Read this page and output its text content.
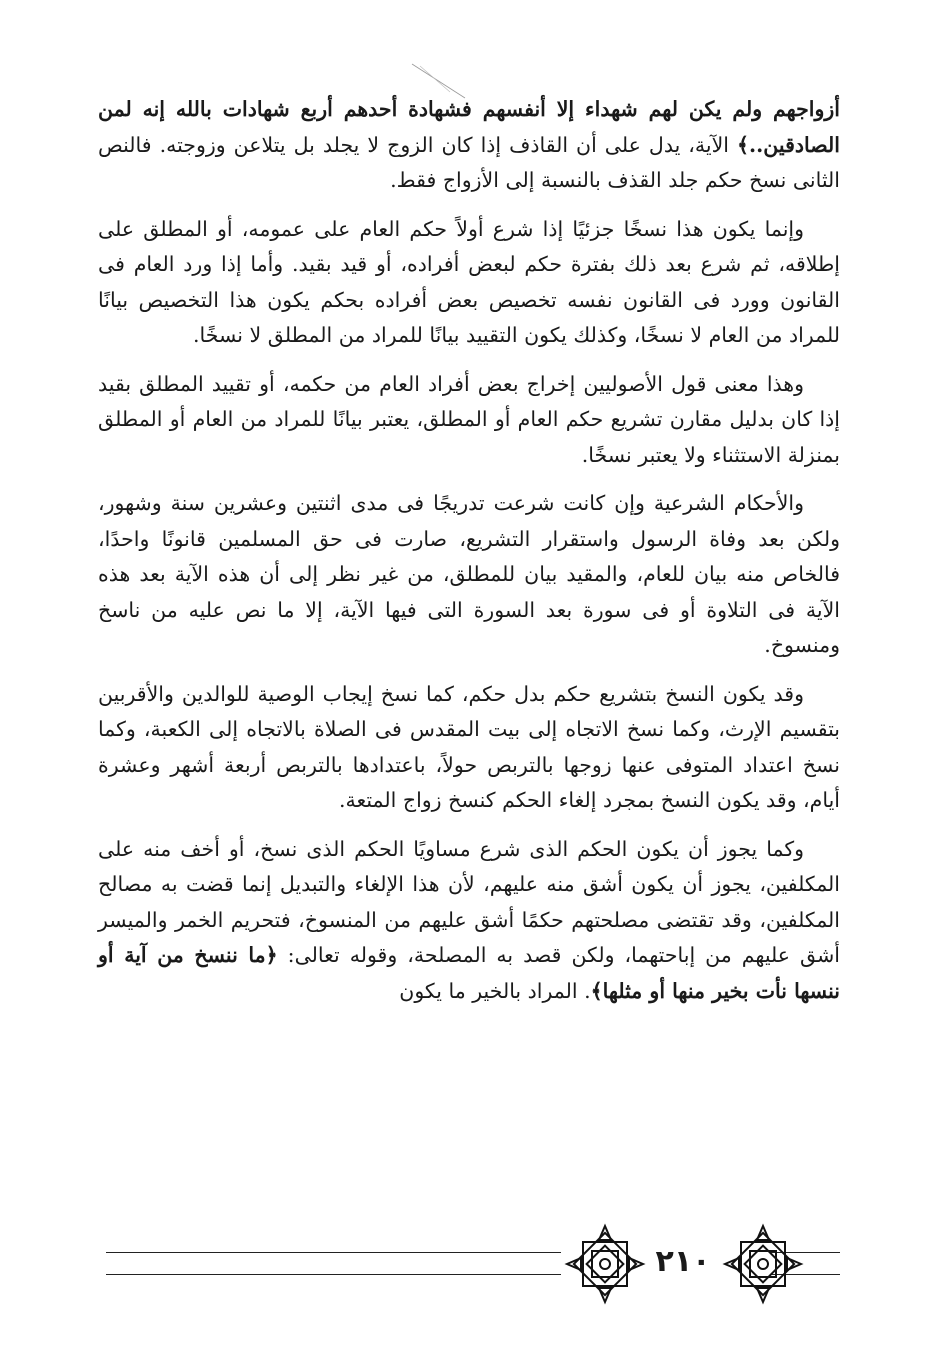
أزواجهم ولم يكن لهم شهداء إلا أنفسهم فشهادة أحدهم أربع شهادات بالله إنه لمن الصادقين..﴾ الآية، يدل على أن القاذف إذا كان الزوج لا يجلد بل يتلاعن وزوجته. فالنص الثانى نسخ حكم جلد القذف بالنسبة إلى الأزواج فقط.

وإنما يكون هذا نسخًا جزئيًا إذا شرع أولاً حكم العام على عمومه، أو المطلق على إطلاقه، ثم شرع بعد ذلك بفترة حكم لبعض أفراده، أو قيد بقيد. وأما إذا ورد العام فى القانون وورد فى القانون نفسه تخصيص بعض أفراده بحكم يكون هذا التخصيص بيانًا للمراد من العام لا نسخًا، وكذلك يكون التقييد بيانًا للمراد من المطلق لا نسخًا.

وهذا معنى قول الأصوليين إخراج بعض أفراد العام من حكمه، أو تقييد المطلق بقيد إذا كان بدليل مقارن تشريع حكم العام أو المطلق، يعتبر بيانًا للمراد من العام أو المطلق بمنزلة الاستثناء ولا يعتبر نسخًا.

والأحكام الشرعية وإن كانت شرعت تدريجًا فى مدى اثنتين وعشرين سنة وشهور، ولكن بعد وفاة الرسول واستقرار التشريع، صارت فى حق المسلمين قانونًا واحدًا، فالخاص منه بيان للعام، والمقيد بيان للمطلق، من غير نظر إلى أن هذه الآية بعد هذه الآية فى التلاوة أو فى سورة بعد السورة التى فيها الآية، إلا ما نص عليه من ناسخ ومنسوخ.

وقد يكون النسخ بتشريع حكم بدل حكم، كما نسخ إيجاب الوصية للوالدين والأقربين بتقسيم الإرث، وكما نسخ الاتجاه إلى بيت المقدس فى الصلاة بالاتجاه إلى الكعبة، وكما نسخ اعتداد المتوفى عنها زوجها بالتربص حولاً، باعتدادها بالتربص أربعة أشهر وعشرة أيام، وقد يكون النسخ بمجرد إلغاء الحكم كنسخ زواج المتعة.

وكما يجوز أن يكون الحكم الذى شرع مساويًا الحكم الذى نسخ، أو أخف منه على المكلفين، يجوز أن يكون أشق منه عليهم، لأن هذا الإلغاء والتبديل إنما قضت به مصالح المكلفين، وقد تقتضى مصلحتهم حكمًا أشق عليهم من المنسوخ، فتحريم الخمر والميسر أشق عليهم من إباحتهما، ولكن قصد به المصلحة، وقوله تعالى: ﴿ما ننسخ من آية أو ننسها نأت بخير منها أو مثلها﴾. المراد بالخير ما يكون

٢١٠
